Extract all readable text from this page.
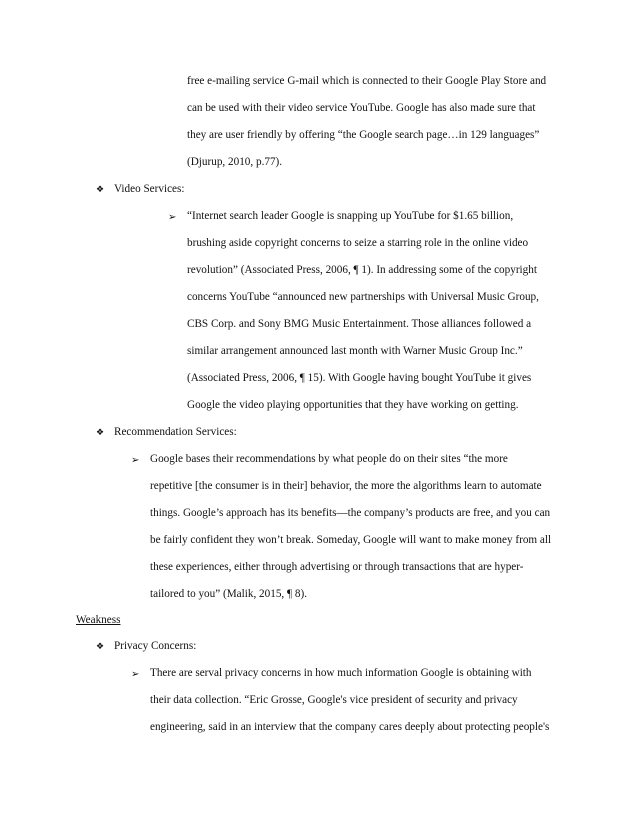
free e-mailing service G-mail which is connected to their Google Play Store and
can be used with their video service YouTube. Google has also made sure that
they are user friendly by offering “the Google search page…in 129 languages”
(Djurup, 2010, p.77).
❖ Video Services:
➢ “Internet search leader Google is snapping up YouTube for $1.65 billion,
brushing aside copyright concerns to seize a starring role in the online video
revolution” (Associated Press, 2006, ¶ 1). In addressing some of the copyright
concerns YouTube “announced new partnerships with Universal Music Group,
CBS Corp. and Sony BMG Music Entertainment. Those alliances followed a
similar arrangement announced last month with Warner Music Group Inc.”
(Associated Press, 2006, ¶ 15). With Google having bought YouTube it gives
Google the video playing opportunities that they have working on getting.
❖ Recommendation Services:
➢ Google bases their recommendations by what people do on their sites “the more
repetitive [the consumer is in their] behavior, the more the algorithms learn to automate
things. Google’s approach has its benefits—the company’s products are free, and you can
be fairly confident they won’t break. Someday, Google will want to make money from all
these experiences, either through advertising or through transactions that are hyper-
tailored to you” (Malik, 2015, ¶ 8).
Weakness
❖ Privacy Concerns:
➢ There are serval privacy concerns in how much information Google is obtaining with
their data collection. “Eric Grosse, Google's vice president of security and privacy
engineering, said in an interview that the company cares deeply about protecting people's
